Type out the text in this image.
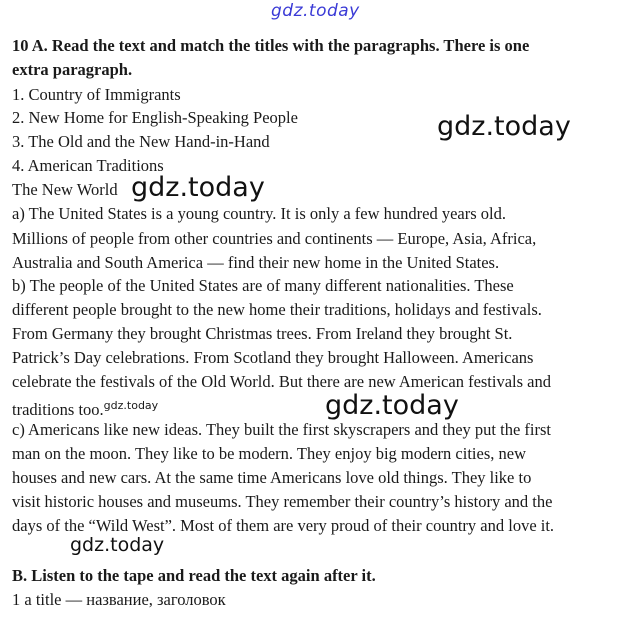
gdz.today
10 A. Read the text and match the titles with the paragraphs. There is one
extra paragraph.
1. Country of Immigrants
2. New Home for English-Speaking People
3. The Old and the New Hand-in-Hand
4. American Traditions
gdz.today
The New World gdz.today
a) The United States is a young country. It is only a few hundred years old.
Millions of people from other countries and continents — Europe, Asia, Africa,
Australia and South America — find their new home in the United States.
b) The people of the United States are of many different nationalities. These
different people brought to the new home their traditions, holidays and festivals.
From Germany they brought Christmas trees. From Ireland they brought St.
Patrick’s Day celebrations. From Scotland they brought Halloween. Americans
celebrate the festivals of the Old World. But there are new American festivals and
traditions too.$^{gdz.today}$	gdz.today
c) Americans like new ideas. They built the first skyscrapers and they put the first
man on the moon. They like to be modern. They enjoy big modern cities, new
houses and new cars. At the same time Americans love old things. They like to
visit historic houses and museums. They remember their country’s history and the
days of the “Wild West”. Most of them are very proud of their country and love it.
gdz.today
B. Listen to the tape and read the text again after it.
1 a title — название, заголовок
